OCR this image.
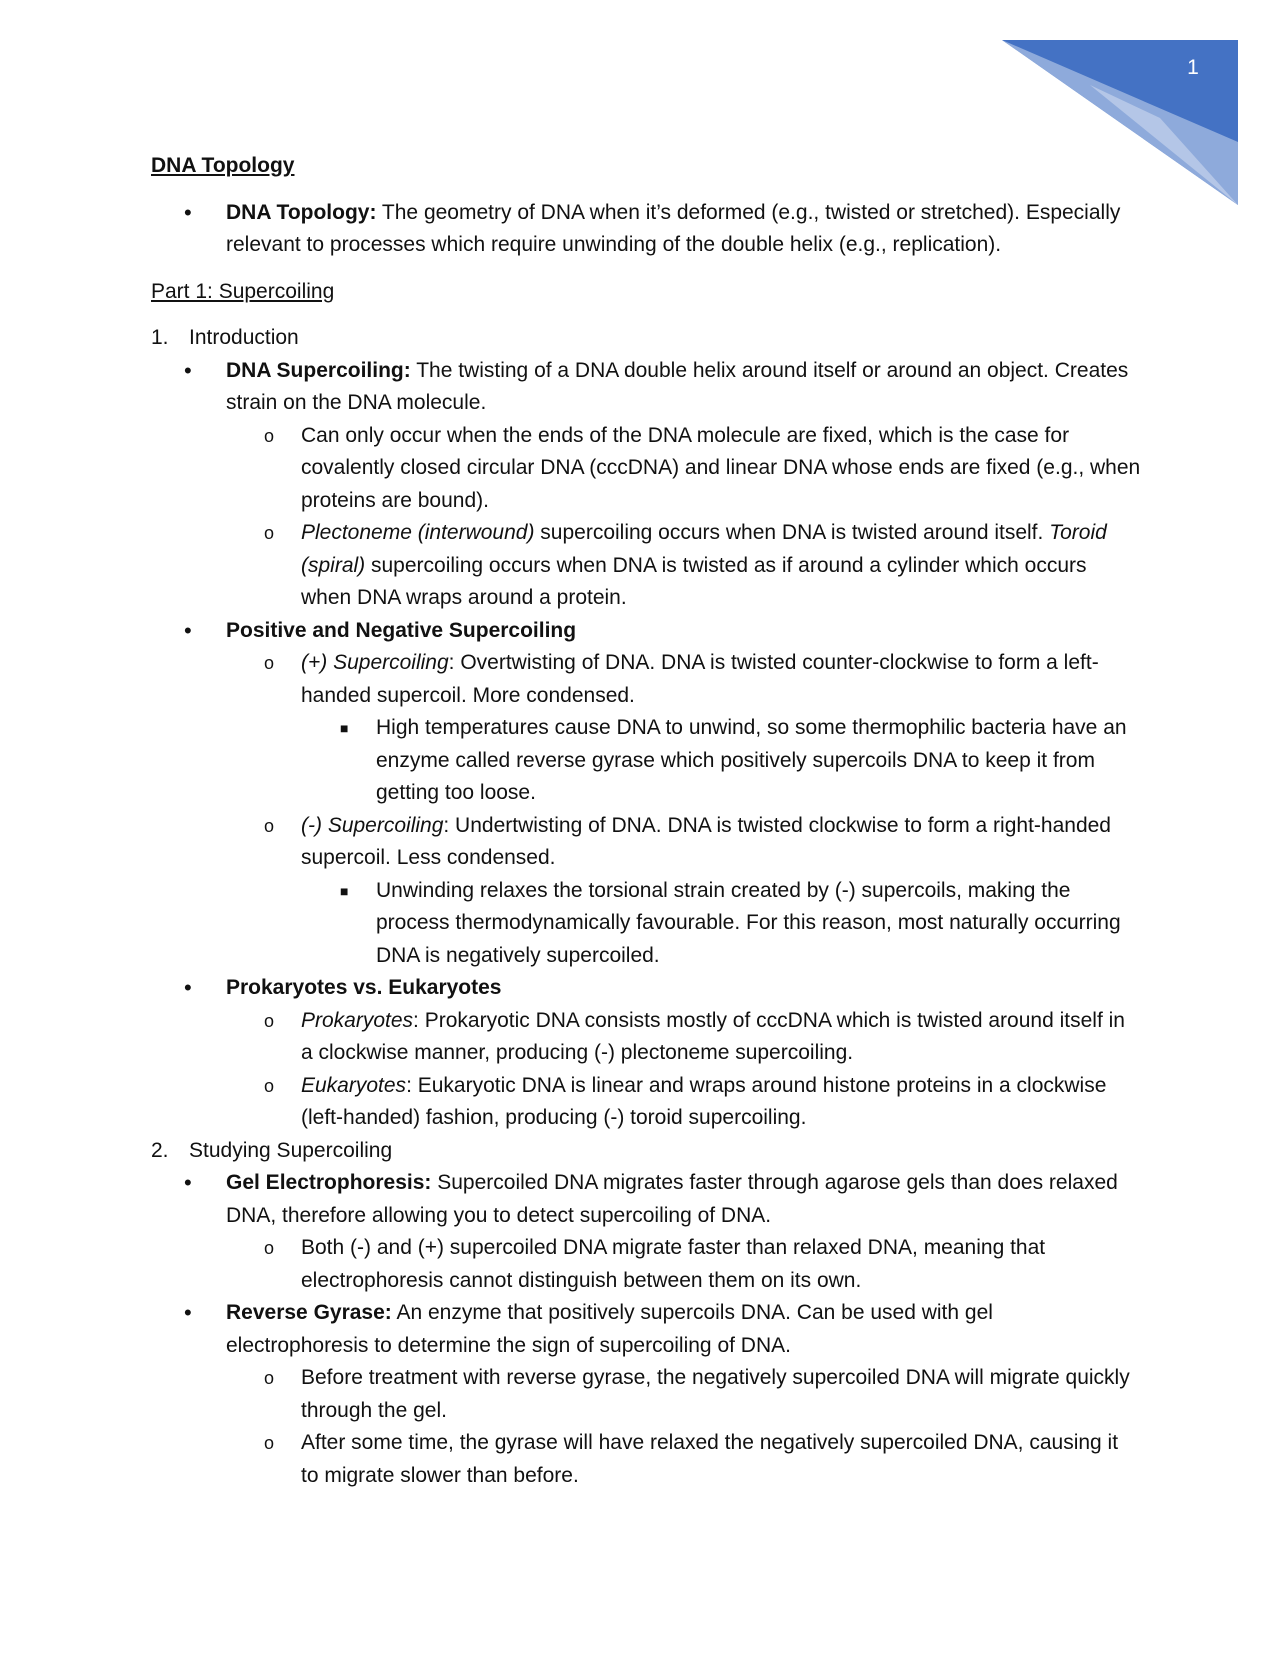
1
DNA Topology
• DNA Topology: The geometry of DNA when it’s deformed (e.g., twisted or stretched). Especially relevant to processes which require unwinding of the double helix (e.g., replication).
Part 1: Supercoiling
1. Introduction
• DNA Supercoiling: The twisting of a DNA double helix around itself or around an object. Creates strain on the DNA molecule.
o Can only occur when the ends of the DNA molecule are fixed, which is the case for covalently closed circular DNA (cccDNA) and linear DNA whose ends are fixed (e.g., when proteins are bound).
o Plectoneme (interwound) supercoiling occurs when DNA is twisted around itself. Toroid (spiral) supercoiling occurs when DNA is twisted as if around a cylinder which occurs when DNA wraps around a protein.
• Positive and Negative Supercoiling
o (+) Supercoiling: Overtwisting of DNA. DNA is twisted counter-clockwise to form a left-handed supercoil. More condensed.
■ High temperatures cause DNA to unwind, so some thermophilic bacteria have an enzyme called reverse gyrase which positively supercoils DNA to keep it from getting too loose.
o (-) Supercoiling: Undertwisting of DNA. DNA is twisted clockwise to form a right-handed supercoil. Less condensed.
■ Unwinding relaxes the torsional strain created by (-) supercoils, making the process thermodynamically favourable. For this reason, most naturally occurring DNA is negatively supercoiled.
• Prokaryotes vs. Eukaryotes
o Prokaryotes: Prokaryotic DNA consists mostly of cccDNA which is twisted around itself in a clockwise manner, producing (-) plectoneme supercoiling.
o Eukaryotes: Eukaryotic DNA is linear and wraps around histone proteins in a clockwise (left-handed) fashion, producing (-) toroid supercoiling.
2. Studying Supercoiling
• Gel Electrophoresis: Supercoiled DNA migrates faster through agarose gels than does relaxed DNA, therefore allowing you to detect supercoiling of DNA.
o Both (-) and (+) supercoiled DNA migrate faster than relaxed DNA, meaning that electrophoresis cannot distinguish between them on its own.
• Reverse Gyrase: An enzyme that positively supercoils DNA. Can be used with gel electrophoresis to determine the sign of supercoiling of DNA.
o Before treatment with reverse gyrase, the negatively supercoiled DNA will migrate quickly through the gel.
o After some time, the gyrase will have relaxed the negatively supercoiled DNA, causing it to migrate slower than before.
